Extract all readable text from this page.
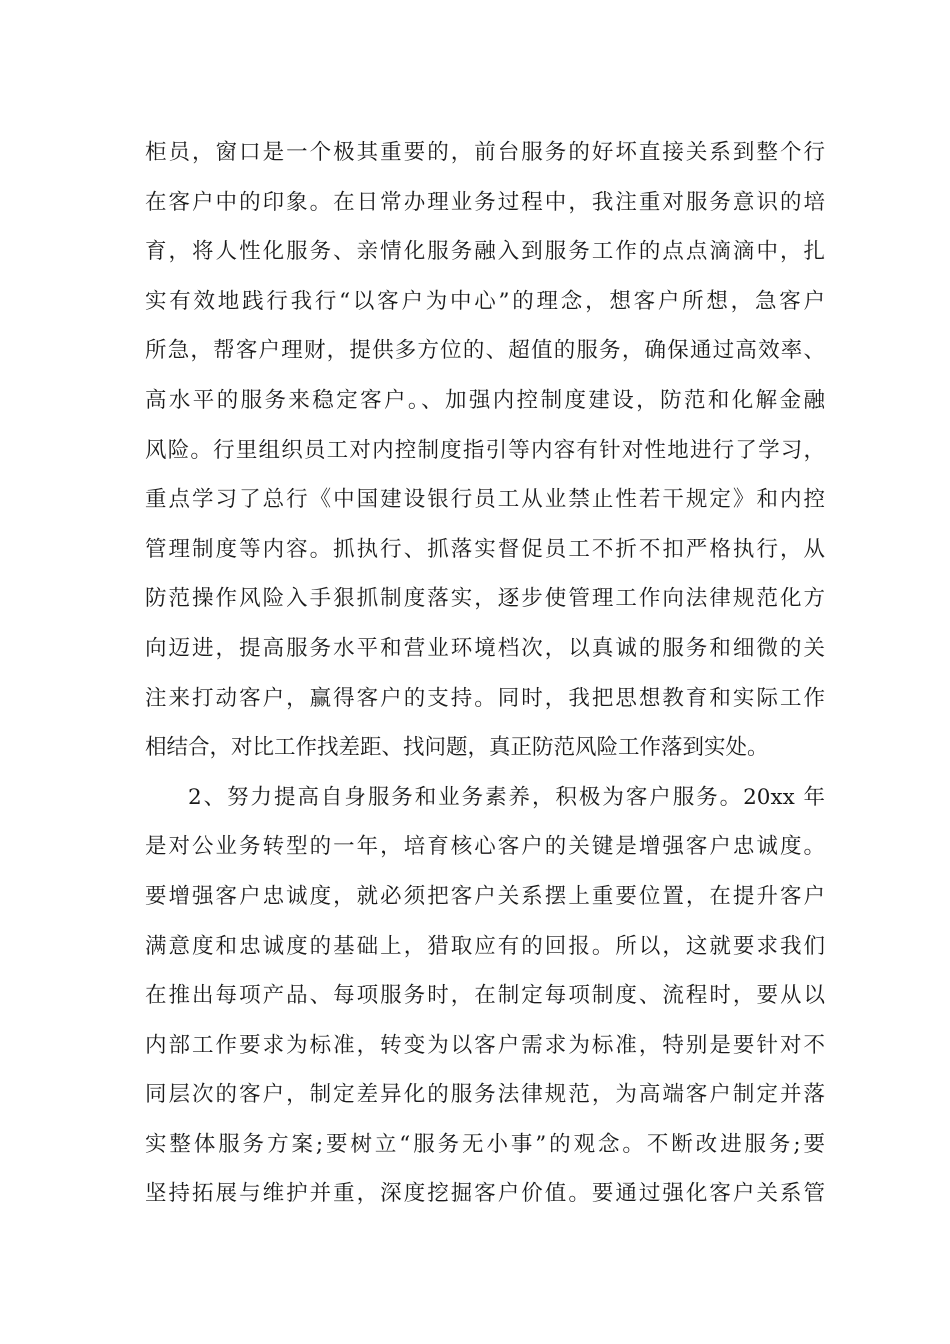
柜员，窗口是一个极其重要的，前台服务的好坏直接关系到整个行
在客户中的印象。在日常办理业务过程中，我注重对服务意识的培
育，将人性化服务、亲情化服务融入到服务工作的点点滴滴中，扎
实有效地践行我行“以客户为中心”的理念，想客户所想，急客户
所急，帮客户理财，提供多方位的、超值的服务，确保通过高效率、
高水平的服务来稳定客户。、加强内控制度建设，防范和化解金融
风险。行里组织员工对内控制度指引等内容有针对性地进行了学习，
重点学习了总行《中国建设银行员工从业禁止性若干规定》和内控
管理制度等内容。抓执行、抓落实督促员工不折不扣严格执行，从
防范操作风险入手狠抓制度落实，逐步使管理工作向法律规范化方
向迈进，提高服务水平和营业环境档次，以真诚的服务和细微的关
注来打动客户，赢得客户的支持。同时，我把思想教育和实际工作
相结合，对比工作找差距、找问题，真正防范风险工作落到实处。
2、努力提高自身服务和业务素养，积极为客户服务。20xx 年
是对公业务转型的一年，培育核心客户的关键是增强客户忠诚度。
要增强客户忠诚度，就必须把客户关系摆上重要位置，在提升客户
满意度和忠诚度的基础上，猎取应有的回报。所以，这就要求我们
在推出每项产品、每项服务时，在制定每项制度、流程时，要从以
内部工作要求为标准，转变为以客户需求为标准，特别是要针对不
同层次的客户，制定差异化的服务法律规范，为高端客户制定并落
实整体服务方案;要树立“服务无小事”的观念。不断改进服务;要
坚持拓展与维护并重，深度挖掘客户价值。要通过强化客户关系管
